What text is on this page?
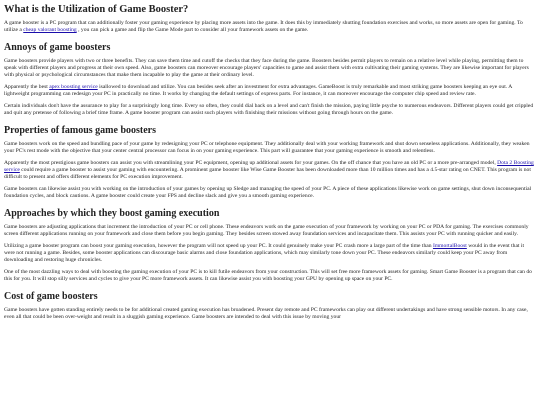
What is the Utilization of Game Booster?

A game booster is a PC program that can additionally foster your gaming experience by placing more assets into the game. It does this by immediately shutting foundation exercises and works, so more assets are open for gaming. To utilize a cheap valorant boosting , you can pick a game and flip the Game Mode part to consider all your framework assets on the game.

Annoys of game boosters

Game boosters provide players with two or three benefits. They can save them time and cutoff the checks that they face during the game. Boosters besides permit players to remain on a relative level while playing, permitting them to speak with different players and progress at their own speed. Also, game boosters can moreover encourage players' capacities to game and assist them with extra cultivating their gaming systems. They are likewise important for players with physical or psychological circumstances that make them incapable to play the game at their ordinary level.

Apparently the best apex boosting service isallowed to download and utilize. You can besides seek after an investment for extra advantages. GameBoost is truly remarkable and most striking game boosters keeping an eye out. A lightweight programming can redesign your PC in practically no time. It works by changing the default settings of express parts. For instance, it can moreover encourage the computer chip speed and review rate.

Certain individuals don't have the assurance to play for a surprisingly long time. Every so often, they could dial back on a level and can't finish the mission, paying little psyche to numerous endeavors. Different players could get crippled and quit any pretense of following a brief time frame. A game booster program can assist such players with finishing their missions without going through hours on the game.

Properties of famous game boosters

Game boosters work on the speed and bundling pace of your game by redesigning your PC or telephone equipment. They additionally deal with your working framework and shut down senseless applications. Additionally, they weaken your PC's rest mode with the objective that your center central processor can focus in on your gaming experience. This part will guarantee that your gaming experience is smooth and relentless.

Apparently the most prestigious game boosters can assist you with streamlining your PC equipment, opening up additional assets for your games. On the off chance that you have an old PC or a more pre-arranged model, Dota 2 Boosting service could require a game booster to assist your gaming with encountering. A prominent game booster like Wise Game Booster has been downloaded more than 10 million times and has a 4.5-star rating on CNET. This program is not difficult to present and offers different elements for PC execution improvement.

Game boosters can likewise assist you with working on the introduction of your games by opening up Sledge and managing the speed of your PC. A piece of these applications likewise work on game settings, shut down inconsequential foundation cycles, and block cautions. A game booster could create your FPS and decline slack and give you a smooth gaming experience.

Approaches by which they boost gaming execution

Game boosters are adjusting applications that increment the introduction of your PC or cell phone. These endeavors work on the game execution of your framework by working on your PC or PDA for gaming. The exercises commonly screen different applications running on your framework and close them before you begin gaming. They besides screen stowed away foundation services and incapacitate them. This assists your PC with running quicker and easily.

Utilizing a game booster program can boost your gaming execution, however the program will not speed up your PC. It could genuinely make your PC crash more a large part of the time than ImmortalBoost would in the event that it were not running a game. Besides, some booster applications can discourage basic alarms and close foundation applications, which may similarly tone down your PC. These endeavors similarly could keep your PC away from downloading and restoring huge chronicles.

One of the most dazzling ways to deal with boosting the gaming execution of your PC is to kill futile endeavors from your construction. This will set free more framework assets for gaming. Smart Game Booster is a program that can do this for you. It will stop silly services and cycles to give your PC more framework assets. It can likewise assist you with boosting your GPU by opening up space on your PC.

Cost of game boosters

Game boosters have gotten standing entirely needs to be for additional created gaming execution has broadened. Present day remote and PC frameworks can play out different undertakings and have strong sensible motors. In any case, even all that could be been over-weight and result in a sluggish gaming experience. Game boosters are intended to deal with this issue by moving your
